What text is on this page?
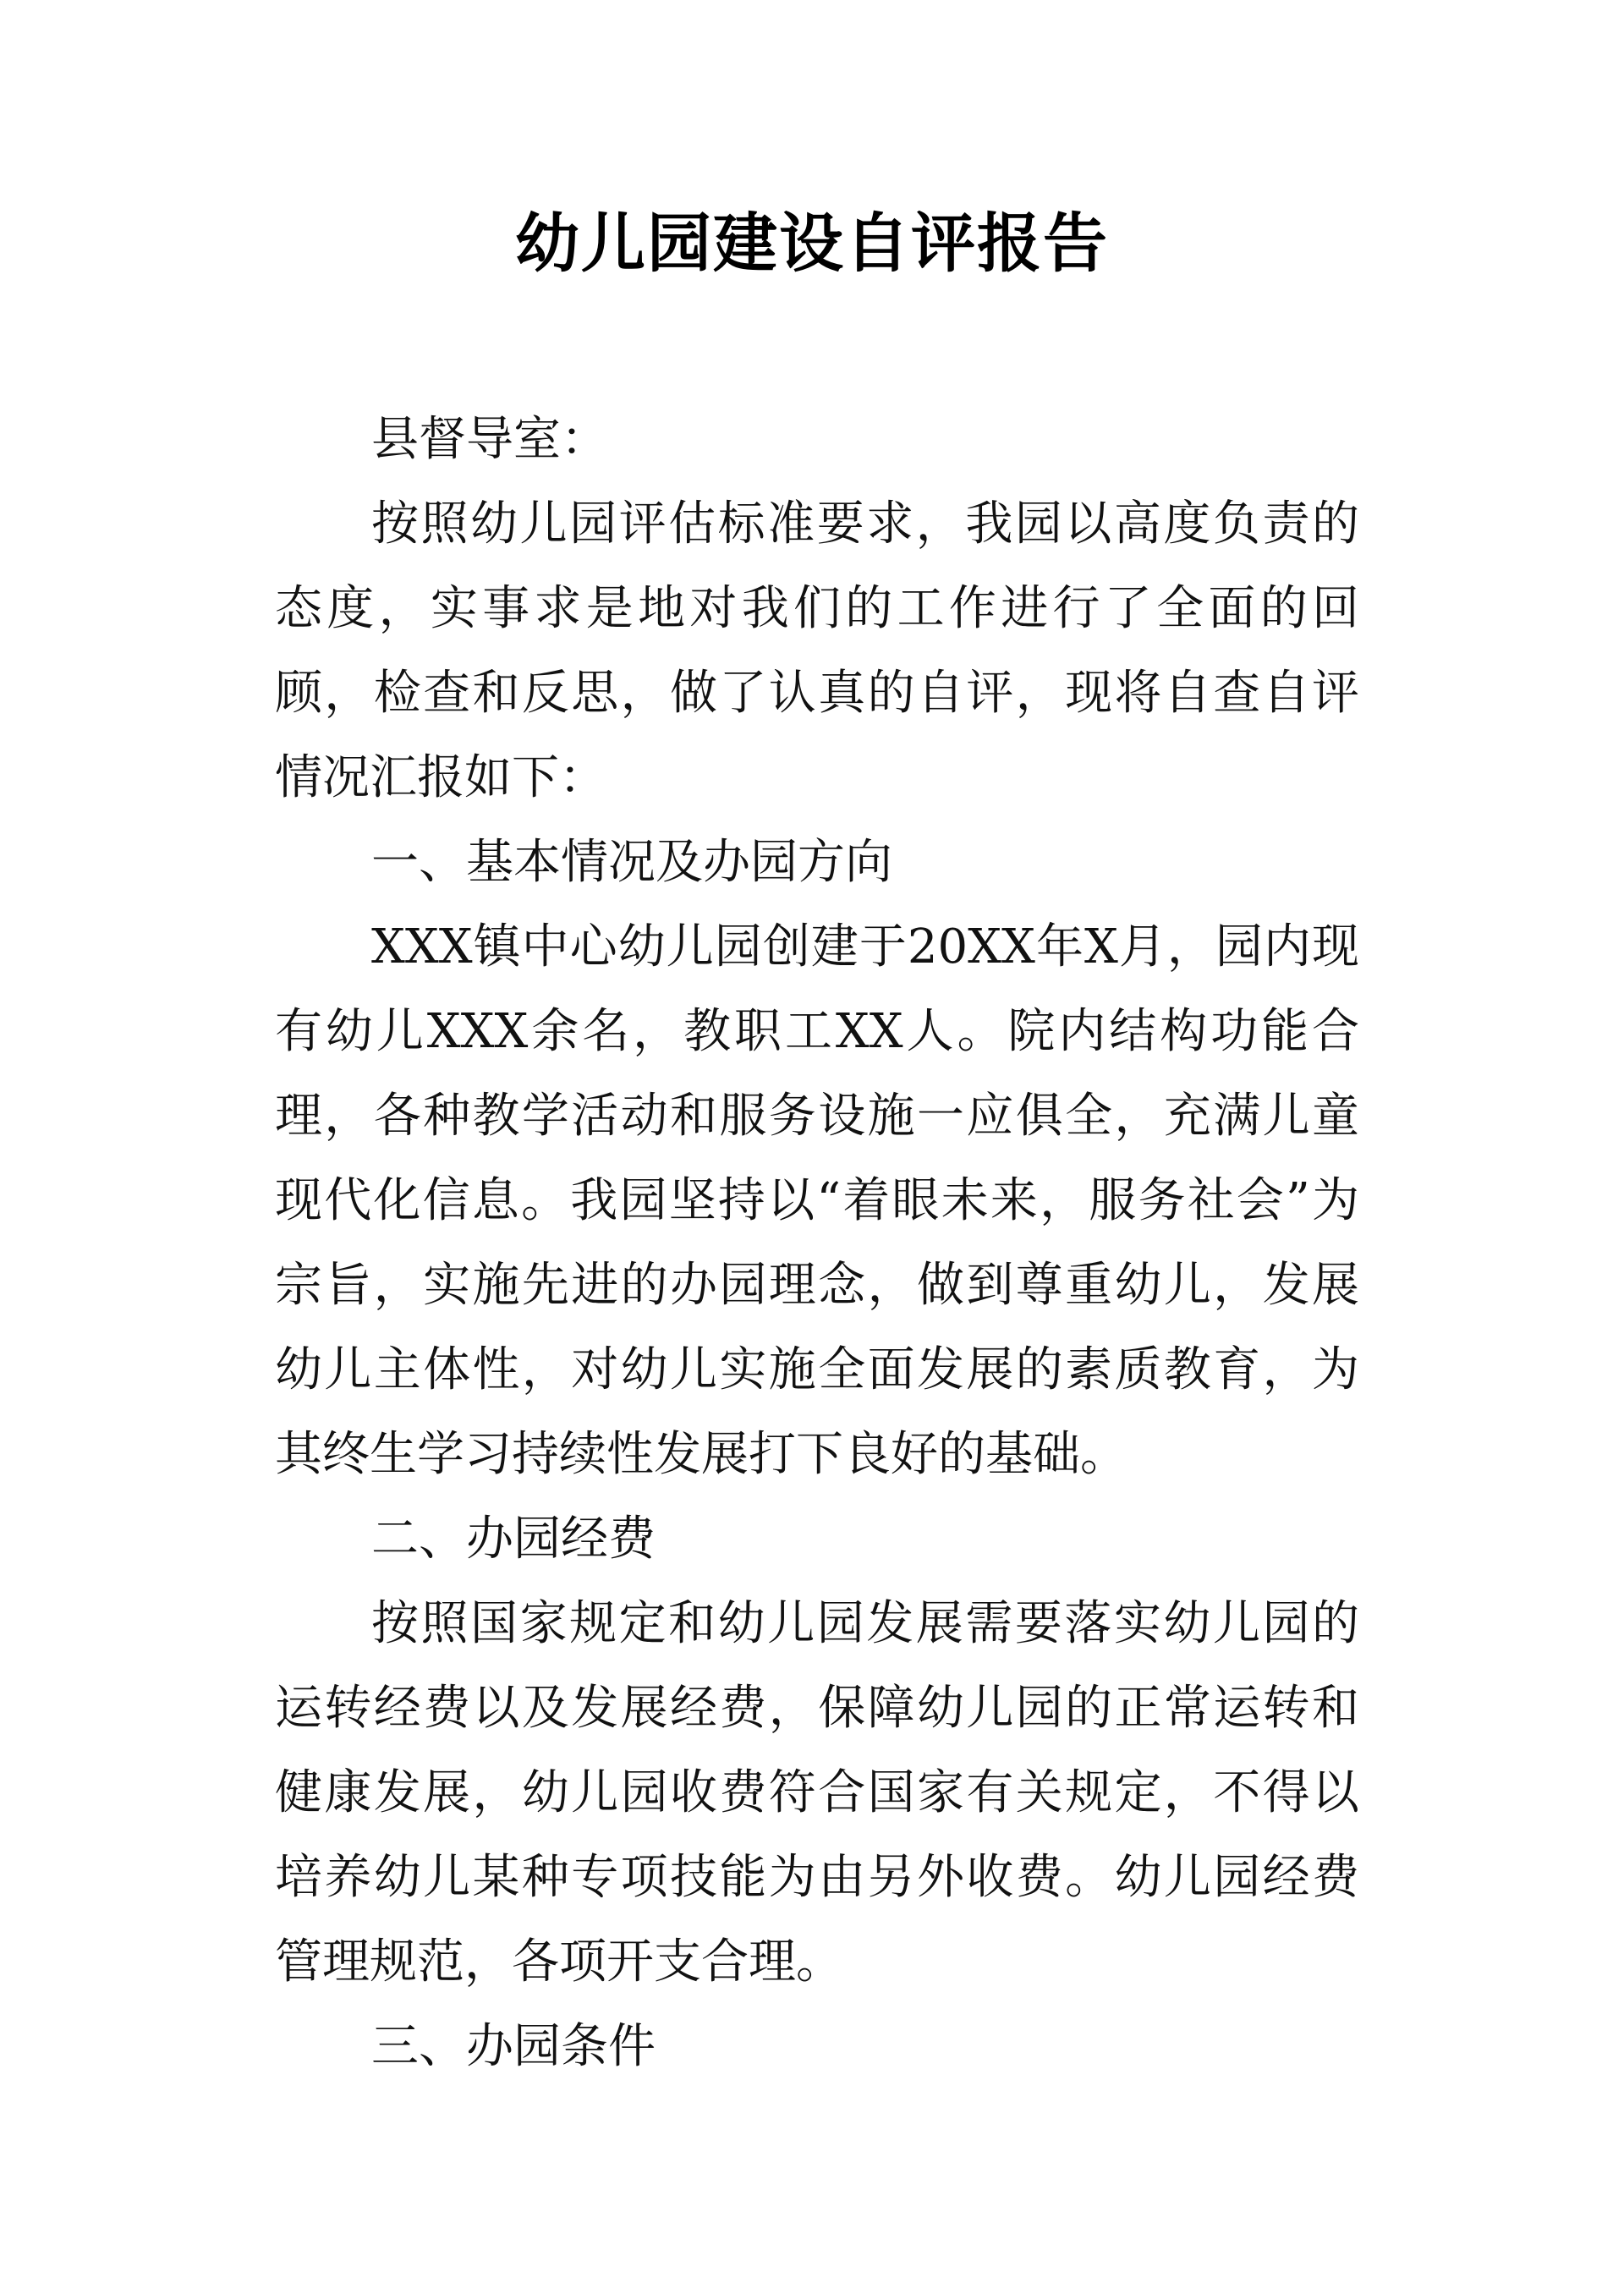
幼儿园建设自评报告

县督导室：

按照幼儿园评估标准要求，我园以高度负责的态度，实事求是地对我们的工作进行了全面的回顾，检查和反思，做了认真的自评，现将自查自评情况汇报如下：

一、基本情况及办园方向

XXX镇中心幼儿园创建于20XX年X月，园内现有幼儿XXX余名，教职工XX人。院内结构功能合理，各种教学活动和服务设施一应俱全，充满儿童现代化信息。我园坚持以“着眼未来，服务社会”为宗旨，实施先进的办园理念，做到尊重幼儿，发展幼儿主体性，对幼儿实施全面发展的素质教育，为其终生学习持续性发展打下良好的基础。

二、办园经费

按照国家规定和幼儿园发展需要落实幼儿园的运转经费以及发展经费，保障幼儿园的正常运转和健康发展，幼儿园收费符合国家有关规定，不得以培养幼儿某种专项技能为由另外收费。幼儿园经费管理规范，各项开支合理。

三、办园条件
